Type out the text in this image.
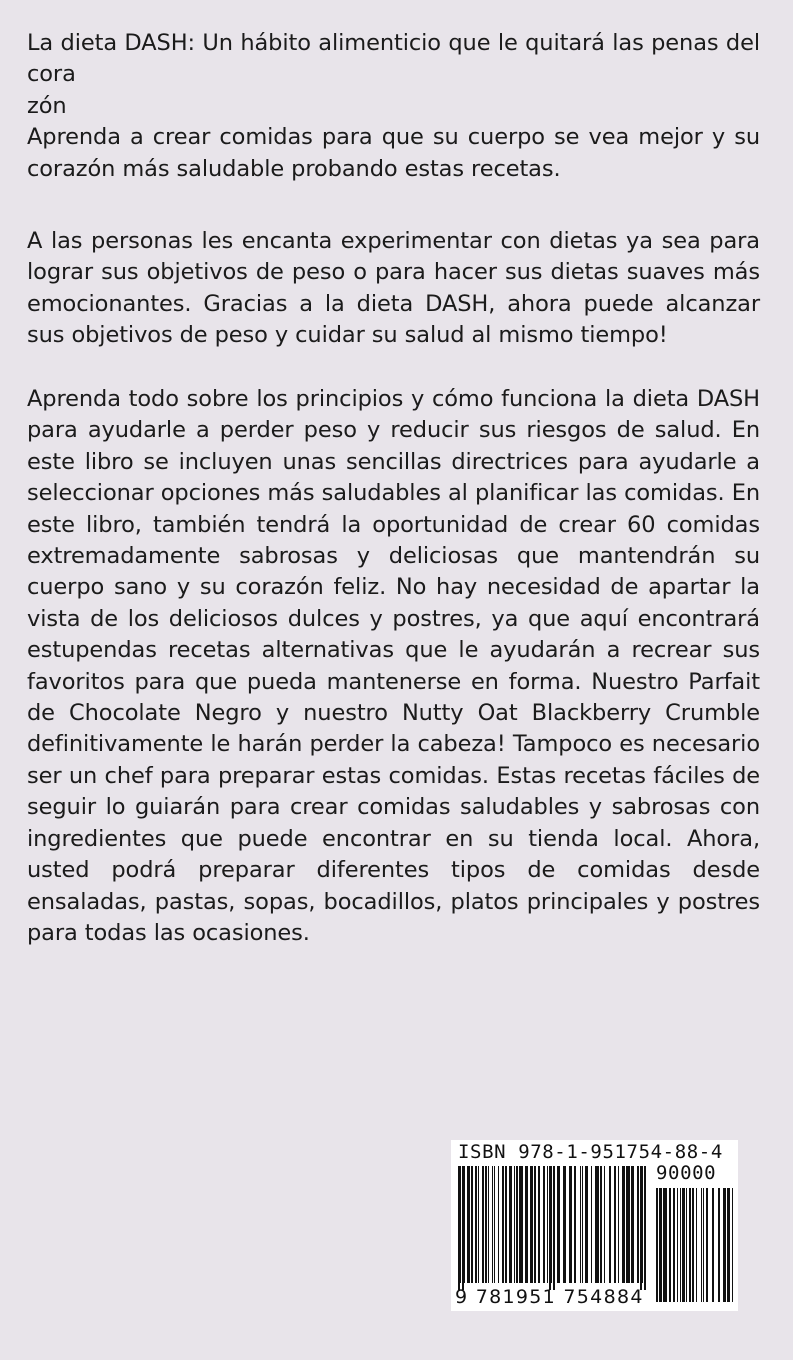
La dieta DASH: Un hábito alimenticio que le quitará las penas del cora

zón

Aprenda a crear comidas para que su cuerpo se vea mejor y su corazón más saludable probando estas recetas.

A las personas les encanta experimentar con dietas ya sea para lograr sus objetivos de peso o para hacer sus dietas suaves más emocionantes. Gracias a la dieta DASH, ahora puede alcanzar sus objetivos de peso y cuidar su salud al mismo tiempo!

Aprenda todo sobre los principios y cómo funciona la dieta DASH para ayudarle a perder peso y reducir sus riesgos de salud. En este libro se incluyen unas sencillas directrices para ayudarle a seleccionar opciones más saludables al planificar las comidas. En este libro, también tendrá la oportunidad de crear 60 comidas extremadamente sabrosas y deliciosas que mantendrán su cuerpo sano y su corazón feliz. No hay necesidad de apartar la vista de los deliciosos dulces y postres, ya que aquí encontrará estupendas recetas alternativas que le ayudarán a recrear sus favoritos para que pueda mantenerse en forma. Nuestro Parfait de Chocolate Negro y nuestro Nutty Oat Blackberry Crumble definitivamente le harán perder la cabeza! Tampoco es necesario ser un chef para preparar estas comidas. Estas recetas fáciles de seguir lo guiarán para crear comidas saludables y sabrosas con ingredientes que puede encontrar en su tienda local. Ahora, usted podrá preparar diferentes tipos de comidas desde ensaladas, pastas, sopas, bocadillos, platos principales y postres para todas las ocasiones.

ISBN 978-1-951754-88-4
90000
9 781951 754884
